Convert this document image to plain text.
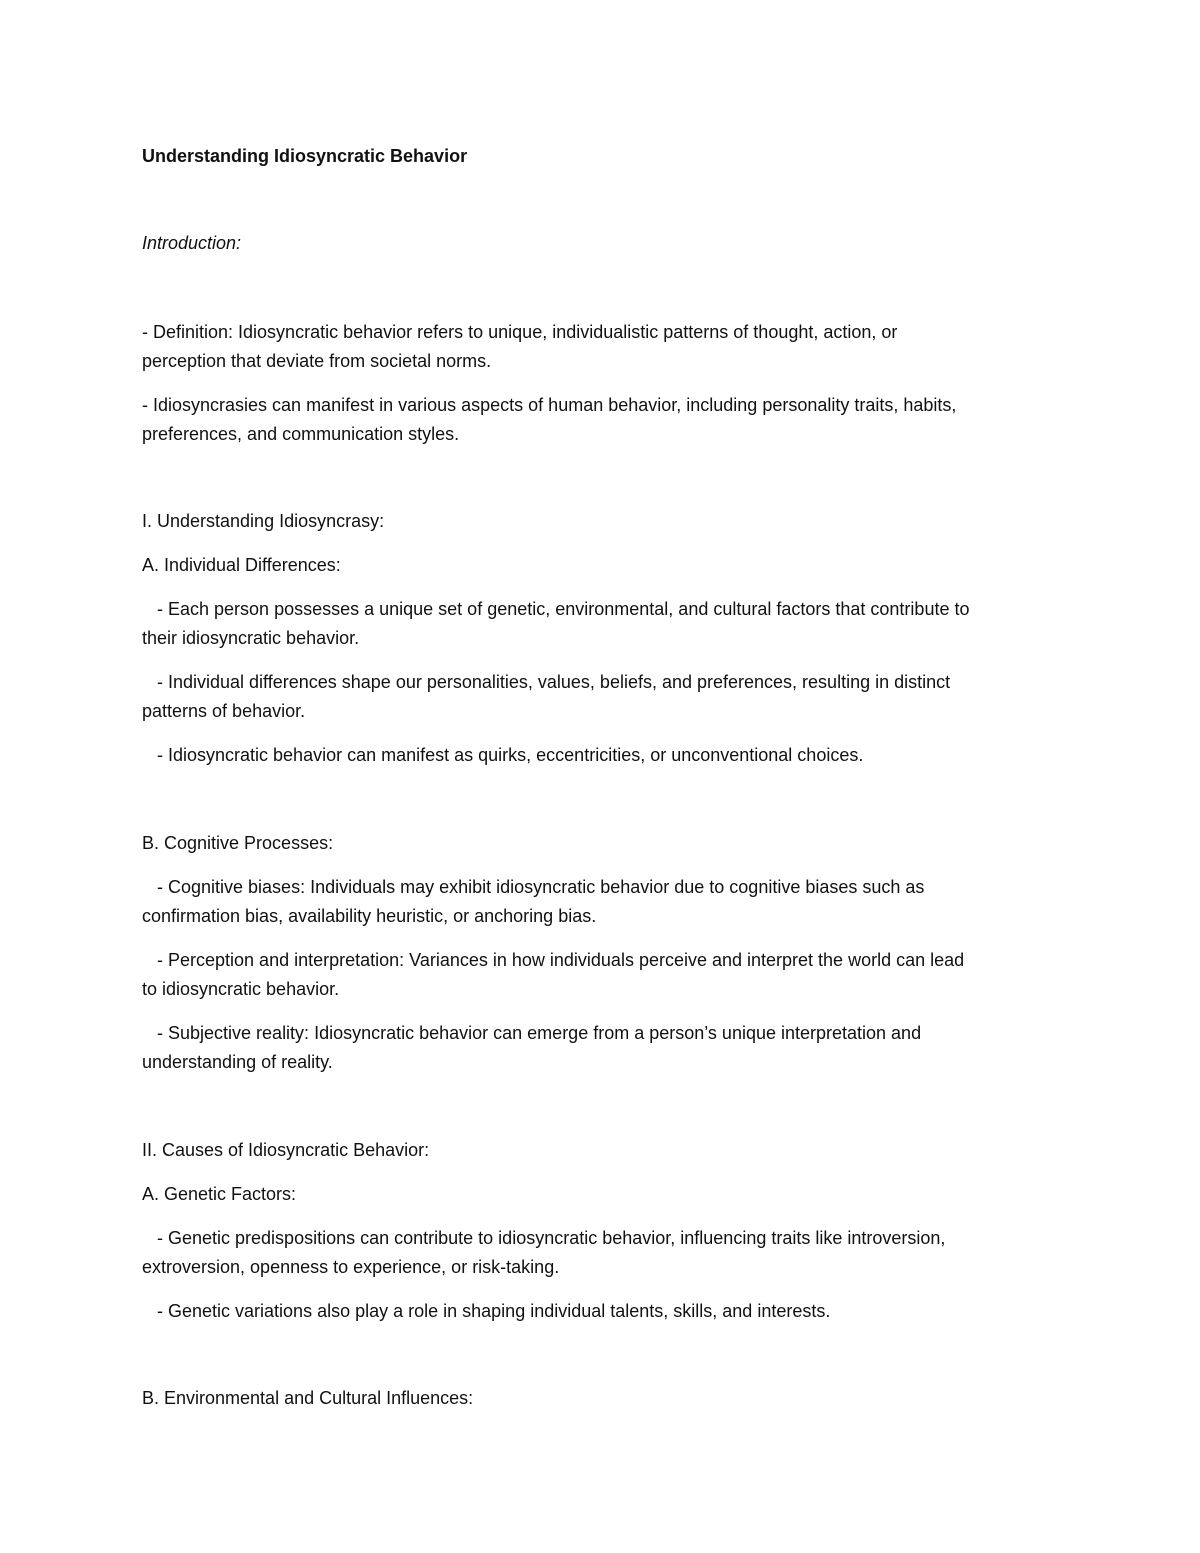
Understanding Idiosyncratic Behavior

Introduction:

- Definition: Idiosyncratic behavior refers to unique, individualistic patterns of thought, action, or

perception that deviate from societal norms.

- Idiosyncrasies can manifest in various aspects of human behavior, including personality traits, habits,

preferences, and communication styles.

I. Understanding Idiosyncrasy:

A. Individual Differences:

- Each person possesses a unique set of genetic, environmental, and cultural factors that contribute to

their idiosyncratic behavior.

- Individual differences shape our personalities, values, beliefs, and preferences, resulting in distinct

patterns of behavior.

- Idiosyncratic behavior can manifest as quirks, eccentricities, or unconventional choices.

B. Cognitive Processes:

- Cognitive biases: Individuals may exhibit idiosyncratic behavior due to cognitive biases such as

confirmation bias, availability heuristic, or anchoring bias.

- Perception and interpretation: Variances in how individuals perceive and interpret the world can lead

to idiosyncratic behavior.

- Subjective reality: Idiosyncratic behavior can emerge from a person’s unique interpretation and

understanding of reality.

II. Causes of Idiosyncratic Behavior:

A. Genetic Factors:

- Genetic predispositions can contribute to idiosyncratic behavior, influencing traits like introversion,

extroversion, openness to experience, or risk-taking.

- Genetic variations also play a role in shaping individual talents, skills, and interests.

B. Environmental and Cultural Influences:
